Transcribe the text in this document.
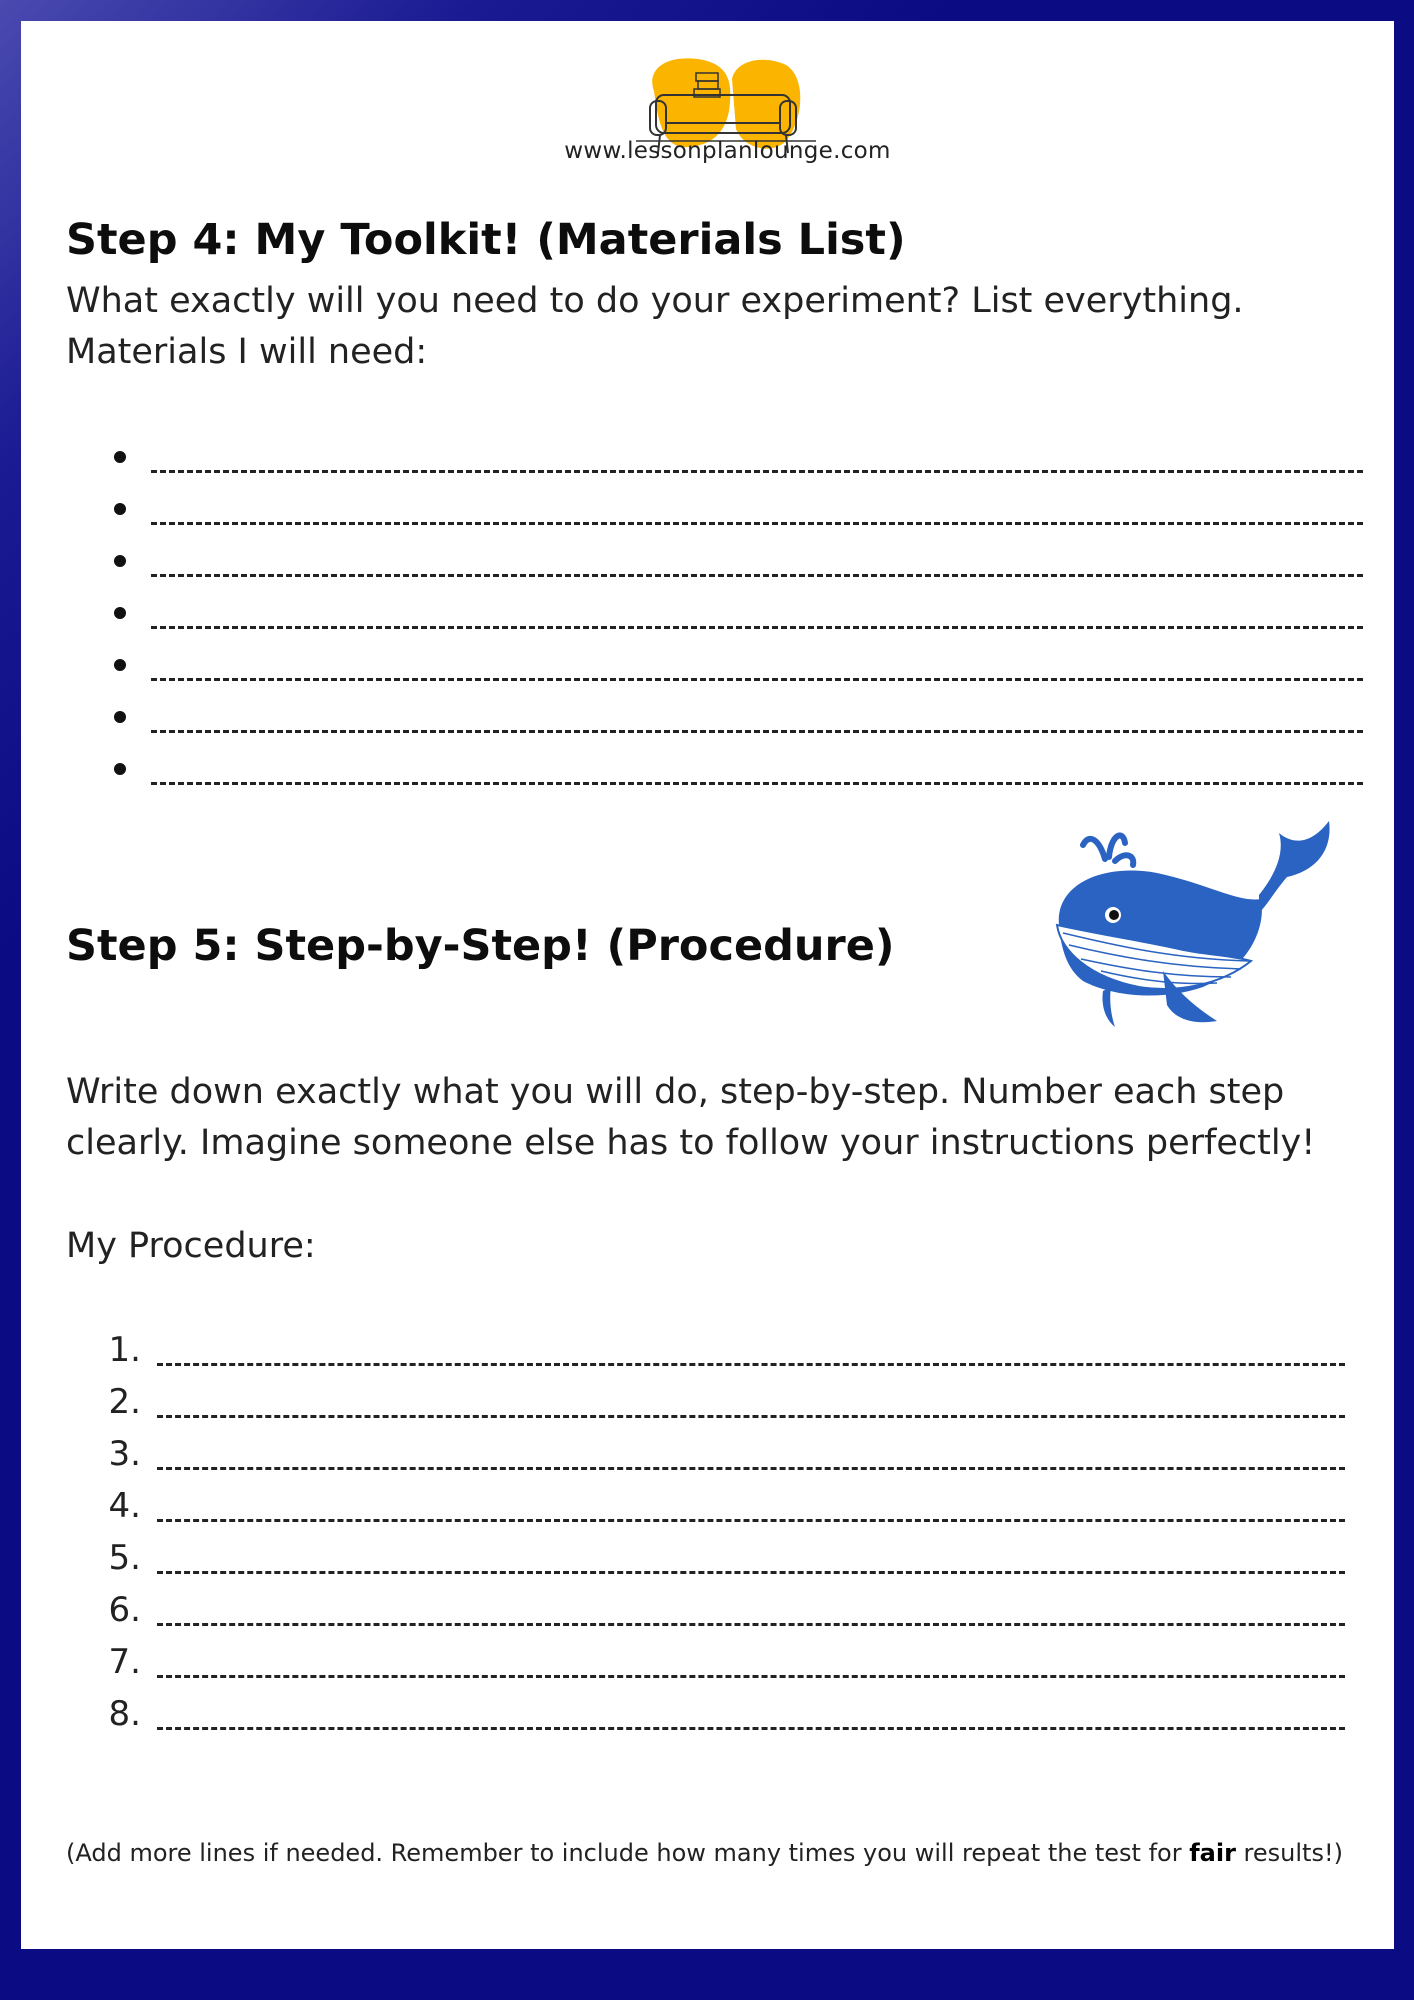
www.lessonplanlounge.com
Step 4: My Toolkit! (Materials List)
What exactly will you need to do your experiment? List everything.
Materials I will need:
Step 5: Step-by-Step! (Procedure)
Write down exactly what you will do, step-by-step. Number each step clearly. Imagine someone else has to follow your instructions perfectly!
My Procedure:
1.
2.
3.
4.
5.
6.
7.
8.
(Add more lines if needed. Remember to include how many times you will repeat the test for fair results!)
